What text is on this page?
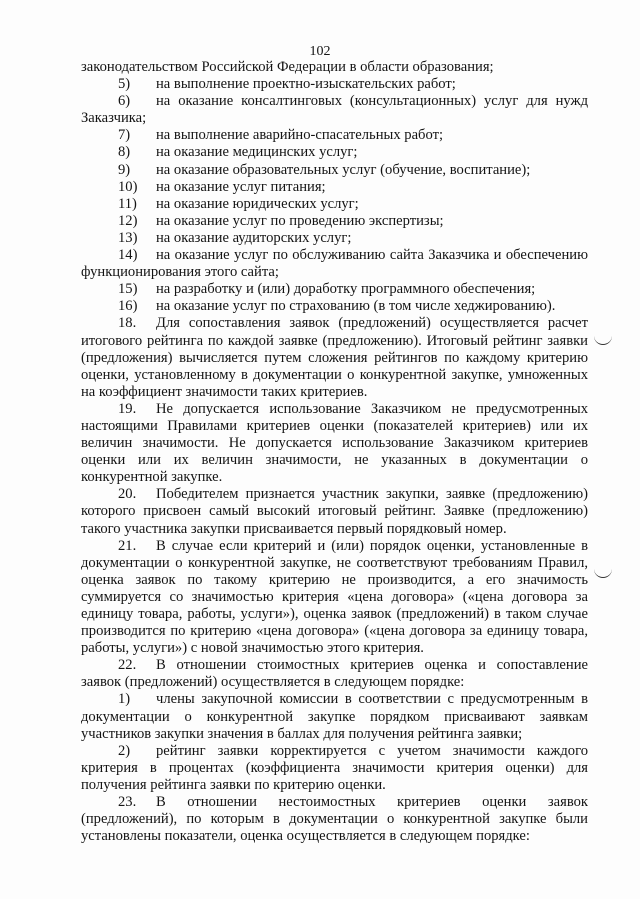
102

законодательством Российской Федерации в области образования;

5) на выполнение проектно-изыскательских работ;

6) на оказание консалтинговых (консультационных) услуг для нужд Заказчика;

7) на выполнение аварийно-спасательных работ;

8) на оказание медицинских услуг;

9) на оказание образовательных услуг (обучение, воспитание);

10) на оказание услуг питания;

11) на оказание юридических услуг;

12) на оказание услуг по проведению экспертизы;

13) на оказание аудиторских услуг;

14) на оказание услуг по обслуживанию сайта Заказчика и обеспечению функционирования этого сайта;

15) на разработку и (или) доработку программного обеспечения;

16) на оказание услуг по страхованию (в том числе хеджированию).

18. Для сопоставления заявок (предложений) осуществляется расчет итогового рейтинга по каждой заявке (предложению). Итоговый рейтинг заявки (предложения) вычисляется путем сложения рейтингов по каждому критерию оценки, установленному в документации о конкурентной закупке, умноженных на коэффициент значимости таких критериев.

19. Не допускается использование Заказчиком не предусмотренных настоящими Правилами критериев оценки (показателей критериев) или их величин значимости. Не допускается использование Заказчиком критериев оценки или их величин значимости, не указанных в документации о конкурентной закупке.

20. Победителем признается участник закупки, заявке (предложению) которого присвоен самый высокий итоговый рейтинг. Заявке (предложению) такого участника закупки присваивается первый порядковый номер.

21. В случае если критерий и (или) порядок оценки, установленные в документации о конкурентной закупке, не соответствуют требованиям Правил, оценка заявок по такому критерию не производится, а его значимость суммируется со значимостью критерия «цена договора» («цена договора за единицу товара, работы, услуги»), оценка заявок (предложений) в таком случае производится по критерию «цена договора» («цена договора за единицу товара, работы, услуги») с новой значимостью этого критерия.

22. В отношении стоимостных критериев оценка и сопоставление заявок (предложений) осуществляется в следующем порядке:

1) члены закупочной комиссии в соответствии с предусмотренным в документации о конкурентной закупке порядком присваивают заявкам участников закупки значения в баллах для получения рейтинга заявки;

2) рейтинг заявки корректируется с учетом значимости каждого критерия в процентах (коэффициента значимости критерия оценки) для получения рейтинга заявки по критерию оценки.

23. В отношении нестоимостных критериев оценки заявок (предложений), по которым в документации о конкурентной закупке были установлены показатели, оценка осуществляется в следующем порядке:
